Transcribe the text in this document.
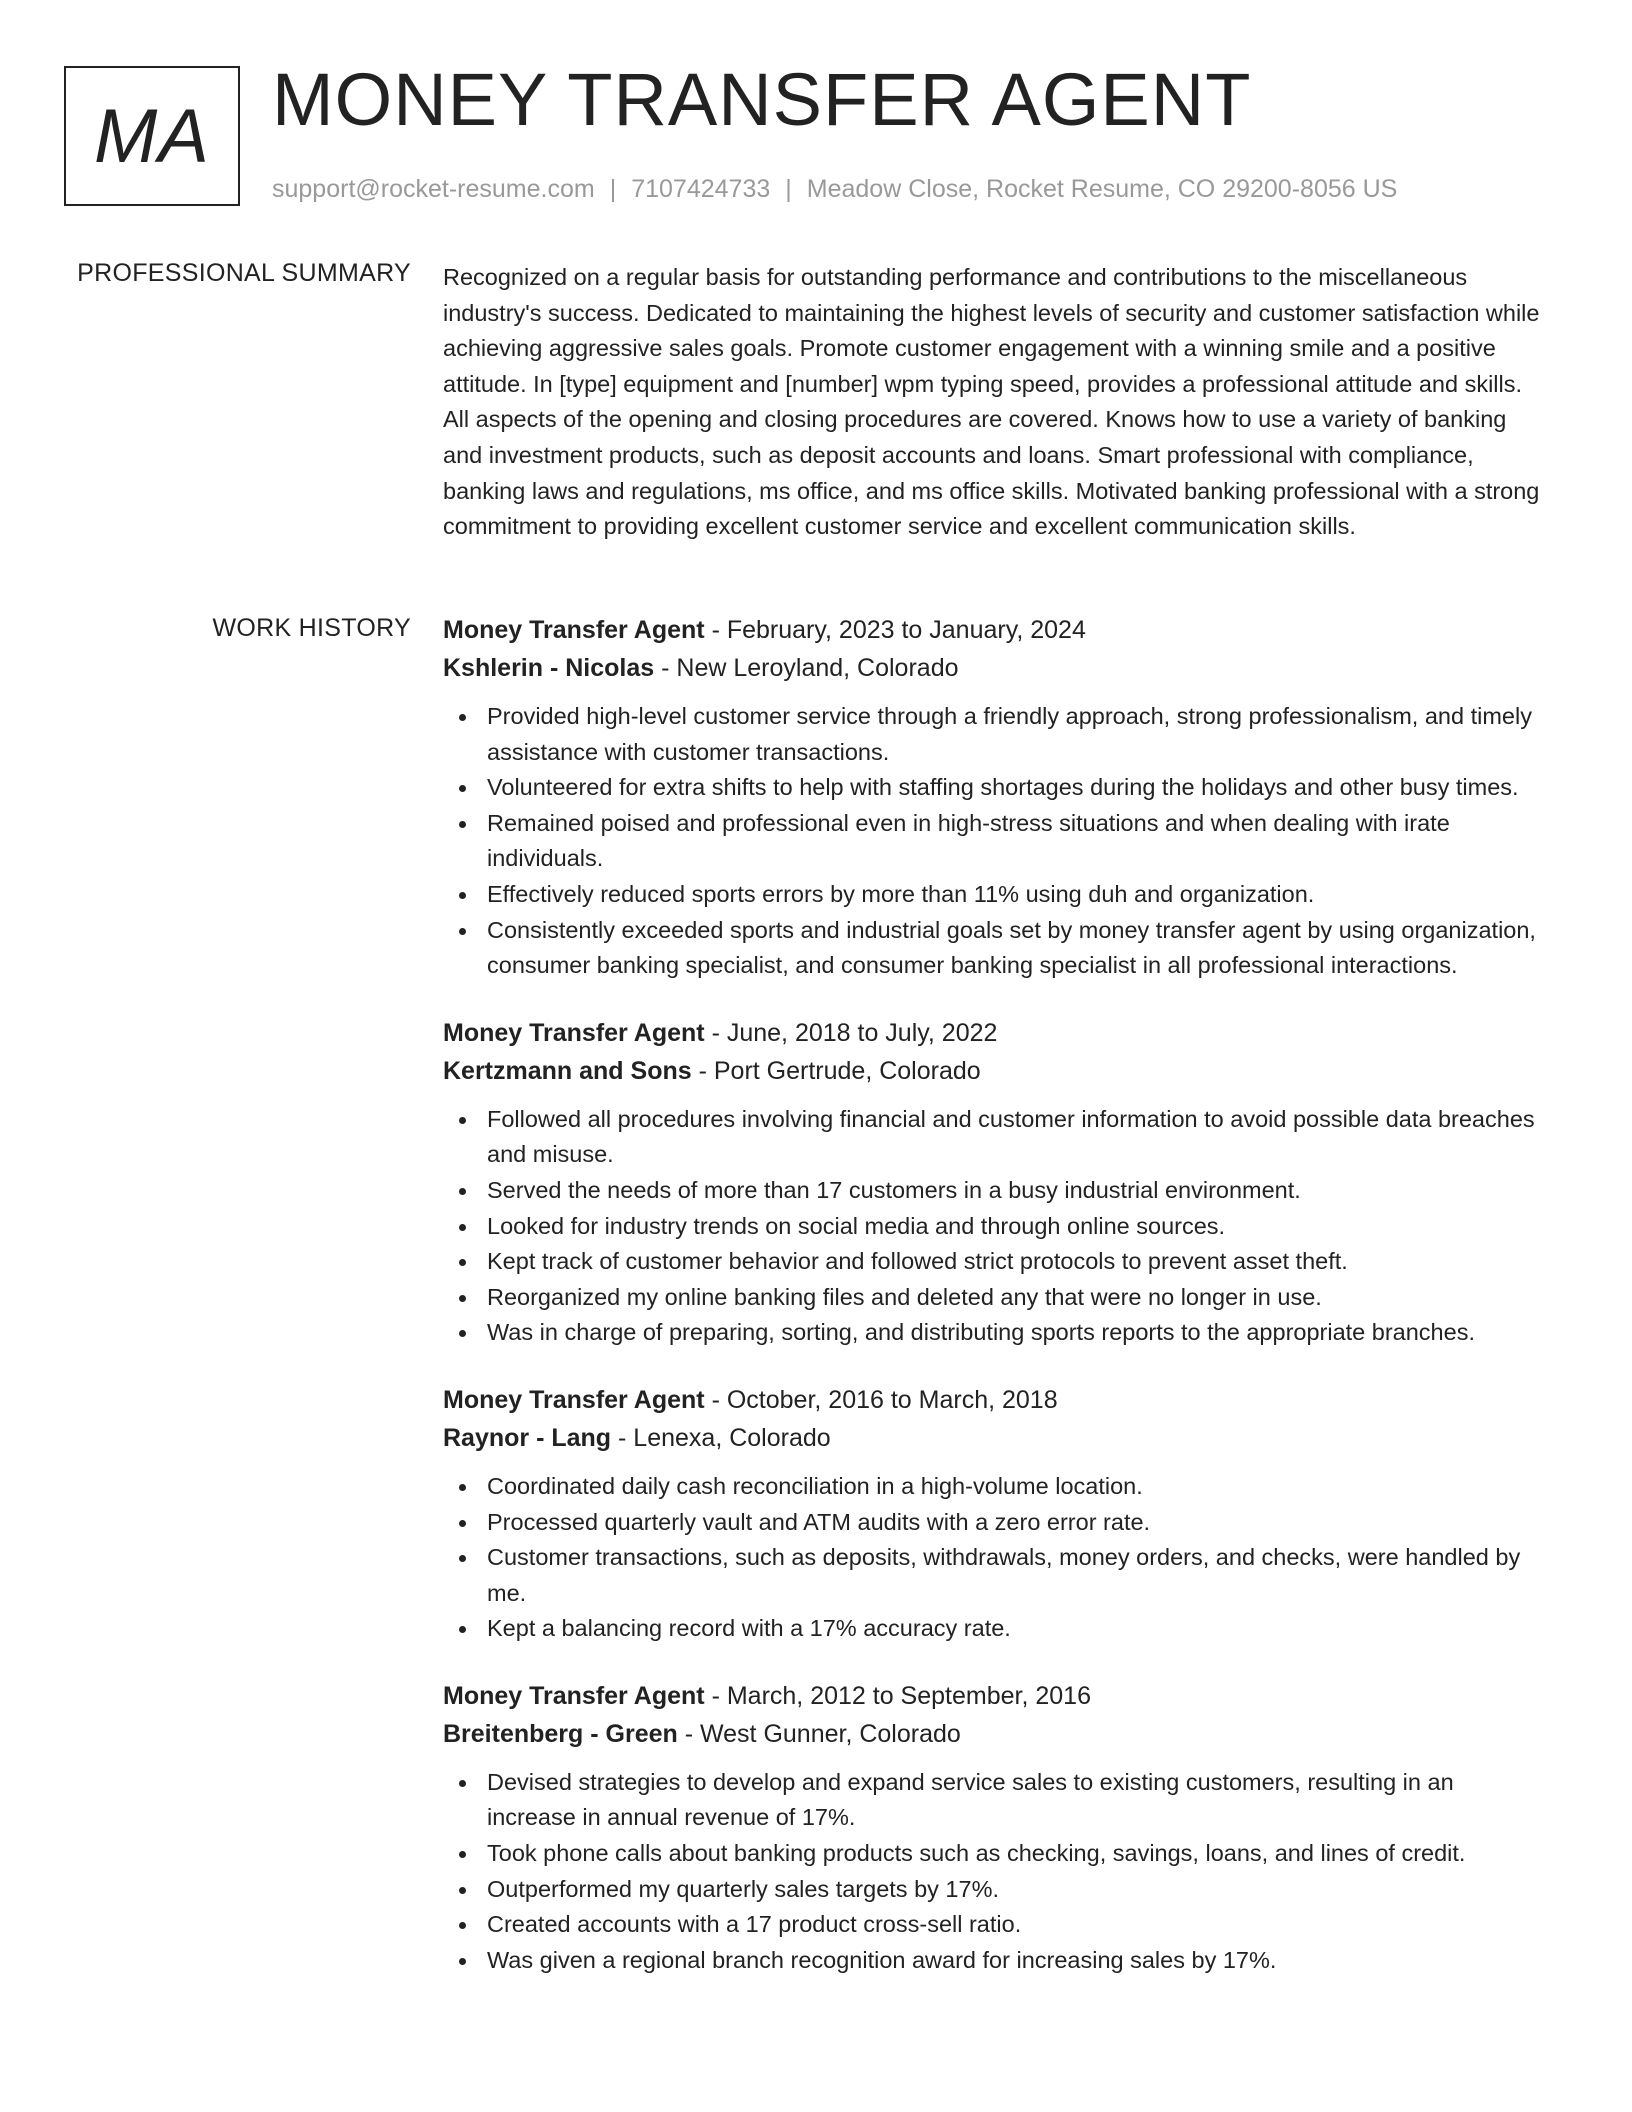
MA MONEY TRANSFER AGENT
support@rocket-resume.com | 7107424733 | Meadow Close, Rocket Resume, CO 29200-8056 US
PROFESSIONAL SUMMARY Recognized on a regular basis for outstanding performance and contributions to the miscellaneous industry's success. Dedicated to maintaining the highest levels of security and customer satisfaction while achieving aggressive sales goals. Promote customer engagement with a winning smile and a positive attitude. In [type] equipment and [number] wpm typing speed, provides a professional attitude and skills. All aspects of the opening and closing procedures are covered. Knows how to use a variety of banking and investment products, such as deposit accounts and loans. Smart professional with compliance, banking laws and regulations, ms office, and ms office skills. Motivated banking professional with a strong commitment to providing excellent customer service and excellent communication skills.

WORK HISTORY Money Transfer Agent - February, 2023 to January, 2024
Kshlerin - Nicolas - New Leroyland, Colorado
Provided high-level customer service through a friendly approach, strong professionalism, and timely assistance with customer transactions.
Volunteered for extra shifts to help with staffing shortages during the holidays and other busy times.
Remained poised and professional even in high-stress situations and when dealing with irate individuals.
Effectively reduced sports errors by more than 11% using duh and organization.
Consistently exceeded sports and industrial goals set by money transfer agent by using organization, consumer banking specialist, and consumer banking specialist in all professional interactions.
Money Transfer Agent - June, 2018 to July, 2022
Kertzmann and Sons - Port Gertrude, Colorado
Followed all procedures involving financial and customer information to avoid possible data breaches and misuse.
Served the needs of more than 17 customers in a busy industrial environment.
Looked for industry trends on social media and through online sources.
Kept track of customer behavior and followed strict protocols to prevent asset theft.
Reorganized my online banking files and deleted any that were no longer in use.
Was in charge of preparing, sorting, and distributing sports reports to the appropriate branches.
Money Transfer Agent - October, 2016 to March, 2018
Raynor - Lang - Lenexa, Colorado
Coordinated daily cash reconciliation in a high-volume location.
Processed quarterly vault and ATM audits with a zero error rate.
Customer transactions, such as deposits, withdrawals, money orders, and checks, were handled by me.
Kept a balancing record with a 17% accuracy rate.
Money Transfer Agent - March, 2012 to September, 2016
Breitenberg - Green - West Gunner, Colorado
Devised strategies to develop and expand service sales to existing customers, resulting in an increase in annual revenue of 17%.
Took phone calls about banking products such as checking, savings, loans, and lines of credit.
Outperformed my quarterly sales targets by 17%.
Created accounts with a 17 product cross-sell ratio.
Was given a regional branch recognition award for increasing sales by 17%.
